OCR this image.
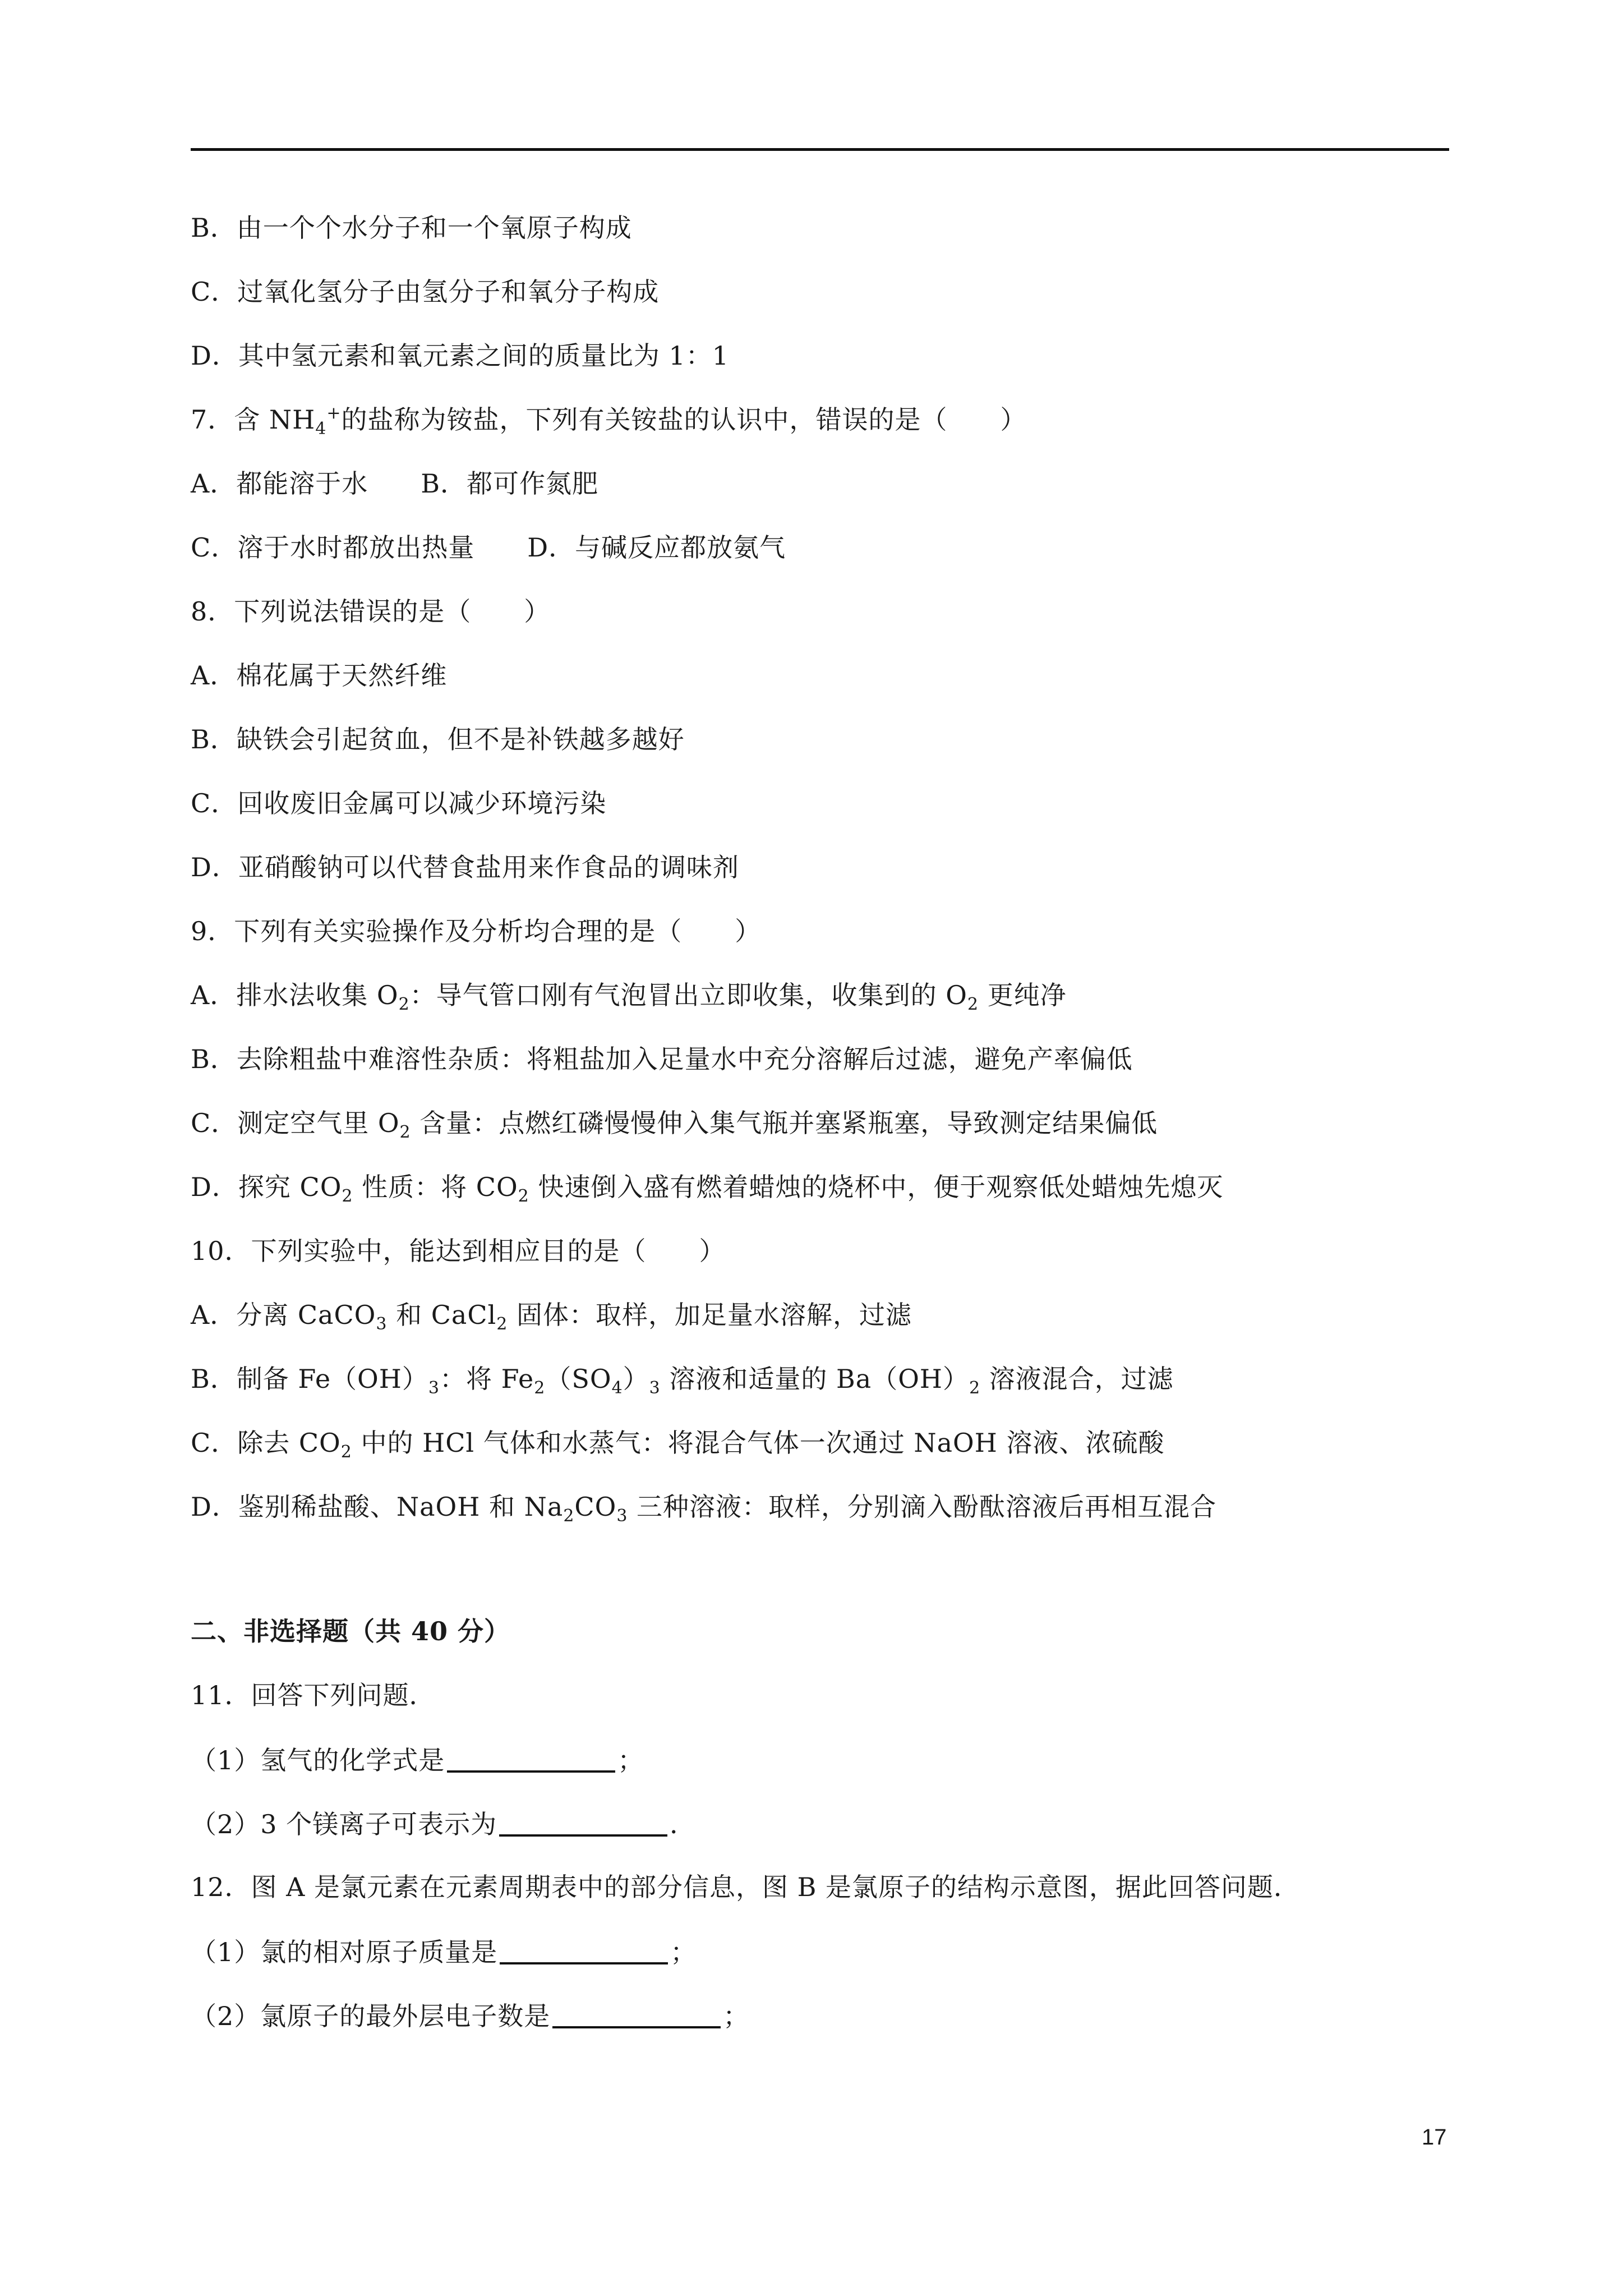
B．由一个个水分子和一个氧原子构成
C．过氧化氢分子由氢分子和氧分子构成
D．其中氢元素和氧元素之间的质量比为 1：1
7．含 $NH_4^+$的盐称为铵盐，下列有关铵盐的认识中，错误的是（　　）
A．都能溶于水　　B．都可作氮肥
C．溶于水时都放出热量　　D．与碱反应都放氨气
8．下列说法错误的是（　　）
A．棉花属于天然纤维
B．缺铁会引起贫血，但不是补铁越多越好
C．回收废旧金属可以减少环境污染
D．亚硝酸钠可以代替食盐用来作食品的调味剂
9．下列有关实验操作及分析均合理的是（　　）
A．排水法收集 $O_2$：导气管口刚有气泡冒出立即收集，收集到的 $O_2$ 更纯净
B．去除粗盐中难溶性杂质：将粗盐加入足量水中充分溶解后过滤，避免产率偏低
C．测定空气里 $O_2$ 含量：点燃红磷慢慢伸入集气瓶并塞紧瓶塞，导致测定结果偏低
D．探究 $CO_2$ 性质：将 $CO_2$ 快速倒入盛有燃着蜡烛的烧杯中，便于观察低处蜡烛先熄灭
10．下列实验中，能达到相应目的是（　　）
A．分离 CaCO$_3$ 和 CaCl$_2$ 固体：取样，加足量水溶解，过滤
B．制备 $Fe(OH)_3$：将 $Fe_2(SO_4)_3$ 溶液和适量的 $Ba(OH)_2$ 溶液混合，过滤
C．除去 $CO_2$ 中的 HCl 气体和水蒸气：将混合气体一次通过 NaOH 溶液、浓硫酸
D．鉴别稀盐酸、NaOH 和 $Na_2CO_3$ 三种溶液：取样，分别滴入酚酞溶液后再相互混合
二、非选择题（共 40 分）
11．回答下列问题．
（1）氢气的化学式是	；
（2）3 个镁离子可表示为	．
12．图 A 是氯元素在元素周期表中的部分信息，图 B 是氯原子的结构示意图，据此回答问题．
（1）氯的相对原子质量是	；
（2）氯原子的最外层电子数是	；
17
